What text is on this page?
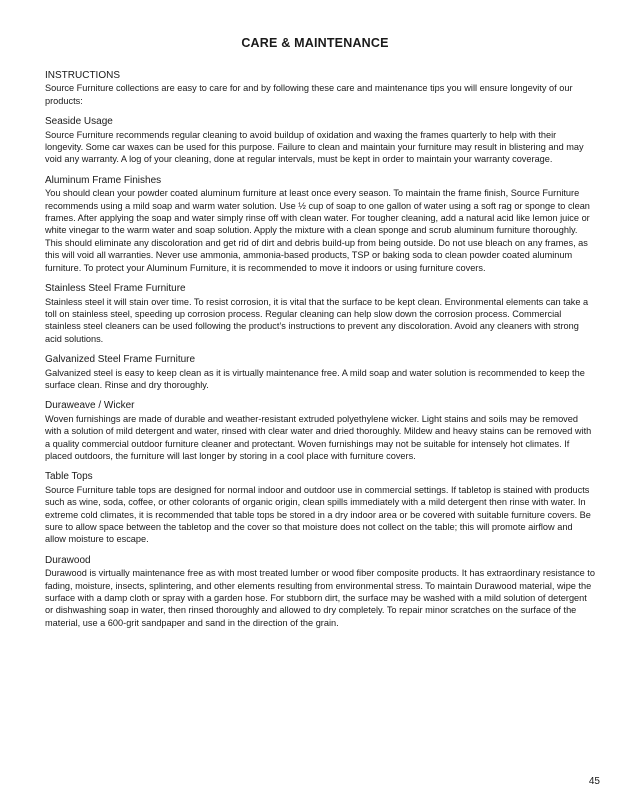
CARE & MAINTENANCE
INSTRUCTIONS

Source Furniture collections are easy to care for and by following these care and maintenance tips you will ensure longevity of our products:

Seaside Usage

Source Furniture recommends regular cleaning to avoid buildup of oxidation and waxing the frames quarterly to help with their longevity. Some car waxes can be used for this purpose. Failure to clean and maintain your furniture may result in blistering and may void any warranty. A log of your cleaning, done at regular intervals, must be kept in order to maintain your warranty coverage.

Aluminum Frame Finishes

You should clean your powder coated aluminum furniture at least once every season. To maintain the frame finish, Source Furniture recommends using a mild soap and warm water solution. Use ½ cup of soap to one gallon of water using a soft rag or sponge to clean frames. After applying the soap and water simply rinse off with clean water. For tougher cleaning, add a natural acid like lemon juice or white vinegar to the warm water and soap solution. Apply the mixture with a clean sponge and scrub aluminum furniture thoroughly. This should eliminate any discoloration and get rid of dirt and debris build-up from being outside. Do not use bleach on any frames, as this will void all warranties. Never use ammonia, ammonia-based products, TSP or baking soda to clean powder coated aluminum furniture. To protect your Aluminum Furniture, it is recommended to move it indoors or using furniture covers.

Stainless Steel Frame Furniture

Stainless steel it will stain over time. To resist corrosion, it is vital that the surface to be kept clean. Environmental elements can take a toll on stainless steel, speeding up corrosion process. Regular cleaning can help slow down the corrosion process. Commercial stainless steel cleaners can be used following the product’s instructions to prevent any discoloration. Avoid any cleaners with strong acid solutions.

Galvanized Steel Frame Furniture

Galvanized steel is easy to keep clean as it is virtually maintenance free. A mild soap and water solution is recommended to keep the surface clean. Rinse and dry thoroughly.

Duraweave / Wicker

Woven furnishings are made of durable and weather-resistant extruded polyethylene wicker. Light stains and soils may be removed with a solution of mild detergent and water, rinsed with clear water and dried thoroughly. Mildew and heavy stains can be removed with a quality commercial outdoor furniture cleaner and protectant. Woven furnishings may not be suitable for intensely hot climates. If placed outdoors, the furniture will last longer by storing in a cool place with furniture covers.

Table Tops

Source Furniture table tops are designed for normal indoor and outdoor use in commercial settings. If tabletop is stained with products such as wine, soda, coffee, or other colorants of organic origin, clean spills immediately with a mild detergent then rinse with water. In extreme cold climates, it is recommended that table tops be stored in a dry indoor area or be covered with suitable furniture covers. Be sure to allow space between the tabletop and the cover so that moisture does not collect on the table; this will promote airflow and allow moisture to escape.

Durawood

Durawood is virtually maintenance free as with most treated lumber or wood fiber composite products. It has extraordinary resistance to fading, moisture, insects, splintering, and other elements resulting from environmental stress. To maintain Durawood material, wipe the surface with a damp cloth or spray with a garden hose. For stubborn dirt, the surface may be washed with a mild solution of detergent or dishwashing soap in water, then rinsed thoroughly and allowed to dry completely. To repair minor scratches on the surface of the material, use a 600-grit sandpaper and sand in the direction of the grain.

45
